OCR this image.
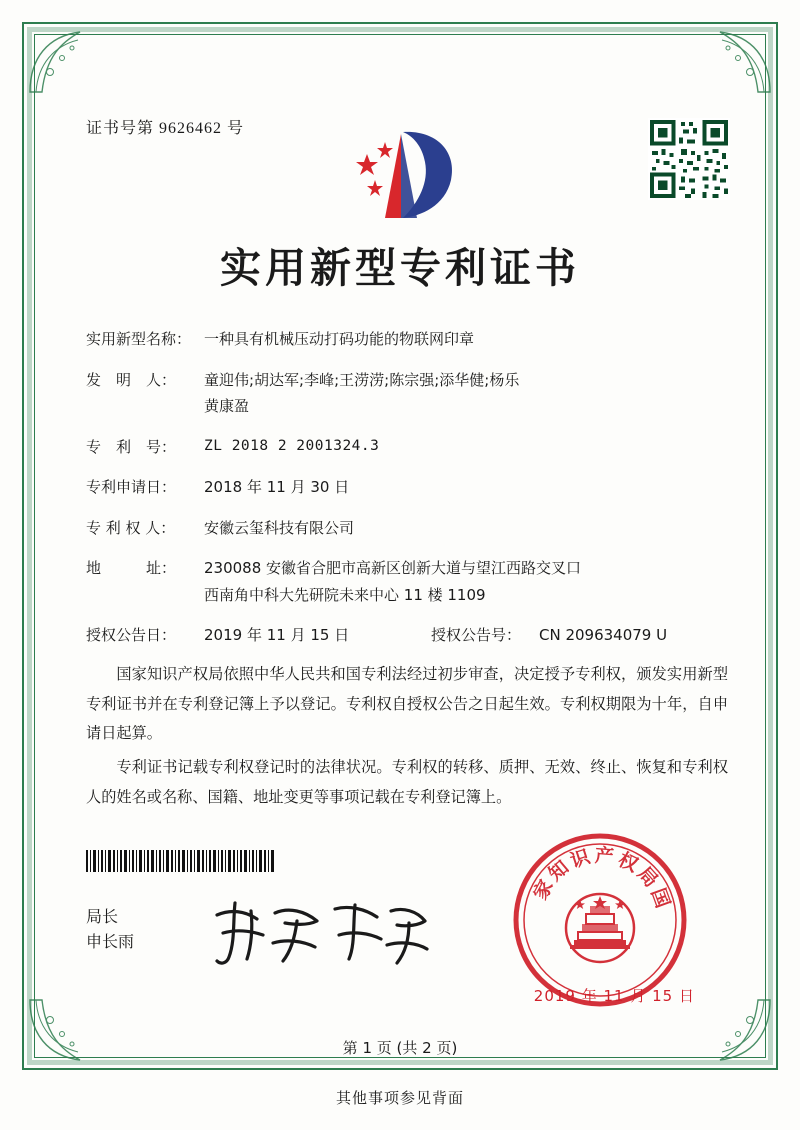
证书号第 9626462 号
实用新型专利证书
实用新型名称： 一种具有机械压动打码功能的物联网印章
发　明　人：	童迎伟;胡达军;李峰;王涝涝;陈宗强;添华健;杨乐
黄康盈
专　利　号：	ZL 2018 2 2001324.3
专利申请日：	2018 年 11 月 30 日
专 利 权 人：	安徽云玺科技有限公司
地　　　址：	230088 安徽省合肥市高新区创新大道与望江西路交叉口
西南角中科大先研院未来中心 11 楼 1109
授权公告日：	2019 年 11 月 15 日	授权公告号：	CN 209634079 U

国家知识产权局依照中华人民共和国专利法经过初步审查，决定授予专利权，颁发实用新型专利证书并在专利登记簿上予以登记。专利权自授权公告之日起生效。专利权期限为十年，自申请日起算。

专利证书记载专利权登记时的法律状况。专利权的转移、质押、无效、终止、恢复和专利权人的姓名或名称、国籍、地址变更等事项记载在专利登记簿上。

局长
申长雨
家
知
识 产 权
局
国
2019 年 11 月 15 日
第 1 页 (共 2 页)
其他事项参见背面
